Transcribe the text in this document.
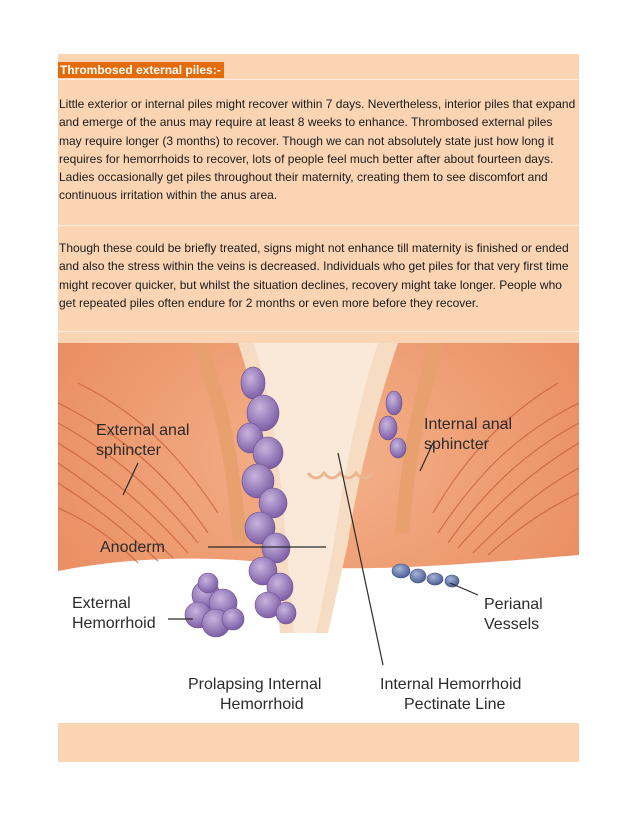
Thrombosed external piles:-

Little exterior or internal piles might recover within 7 days. Nevertheless, interior piles that expand and emerge of the anus may require at least 8 weeks to enhance. Thrombosed external piles may require longer (3 months) to recover. Though we can not absolutely state just how long it requires for hemorrhoids to recover, lots of people feel much better after about fourteen days. Ladies occasionally get piles throughout their maternity, creating them to see discomfort and continuous irritation within the anus area.

Though these could be briefly treated, signs might not enhance till maternity is finished or ended and also the stress within the veins is decreased. Individuals who get piles for that very first time might recover quicker, but whilst the situation declines, recovery might take longer. People who get repeated piles often endure for 2 months or even more before they recover.

External anal
sphincter
Internal anal
sphincter
Anoderm
External
Hemorrhoid
Perianal
Vessels
Prolapsing Internal
Hemorrhoid
Internal Hemorrhoid
Pectinate Line
